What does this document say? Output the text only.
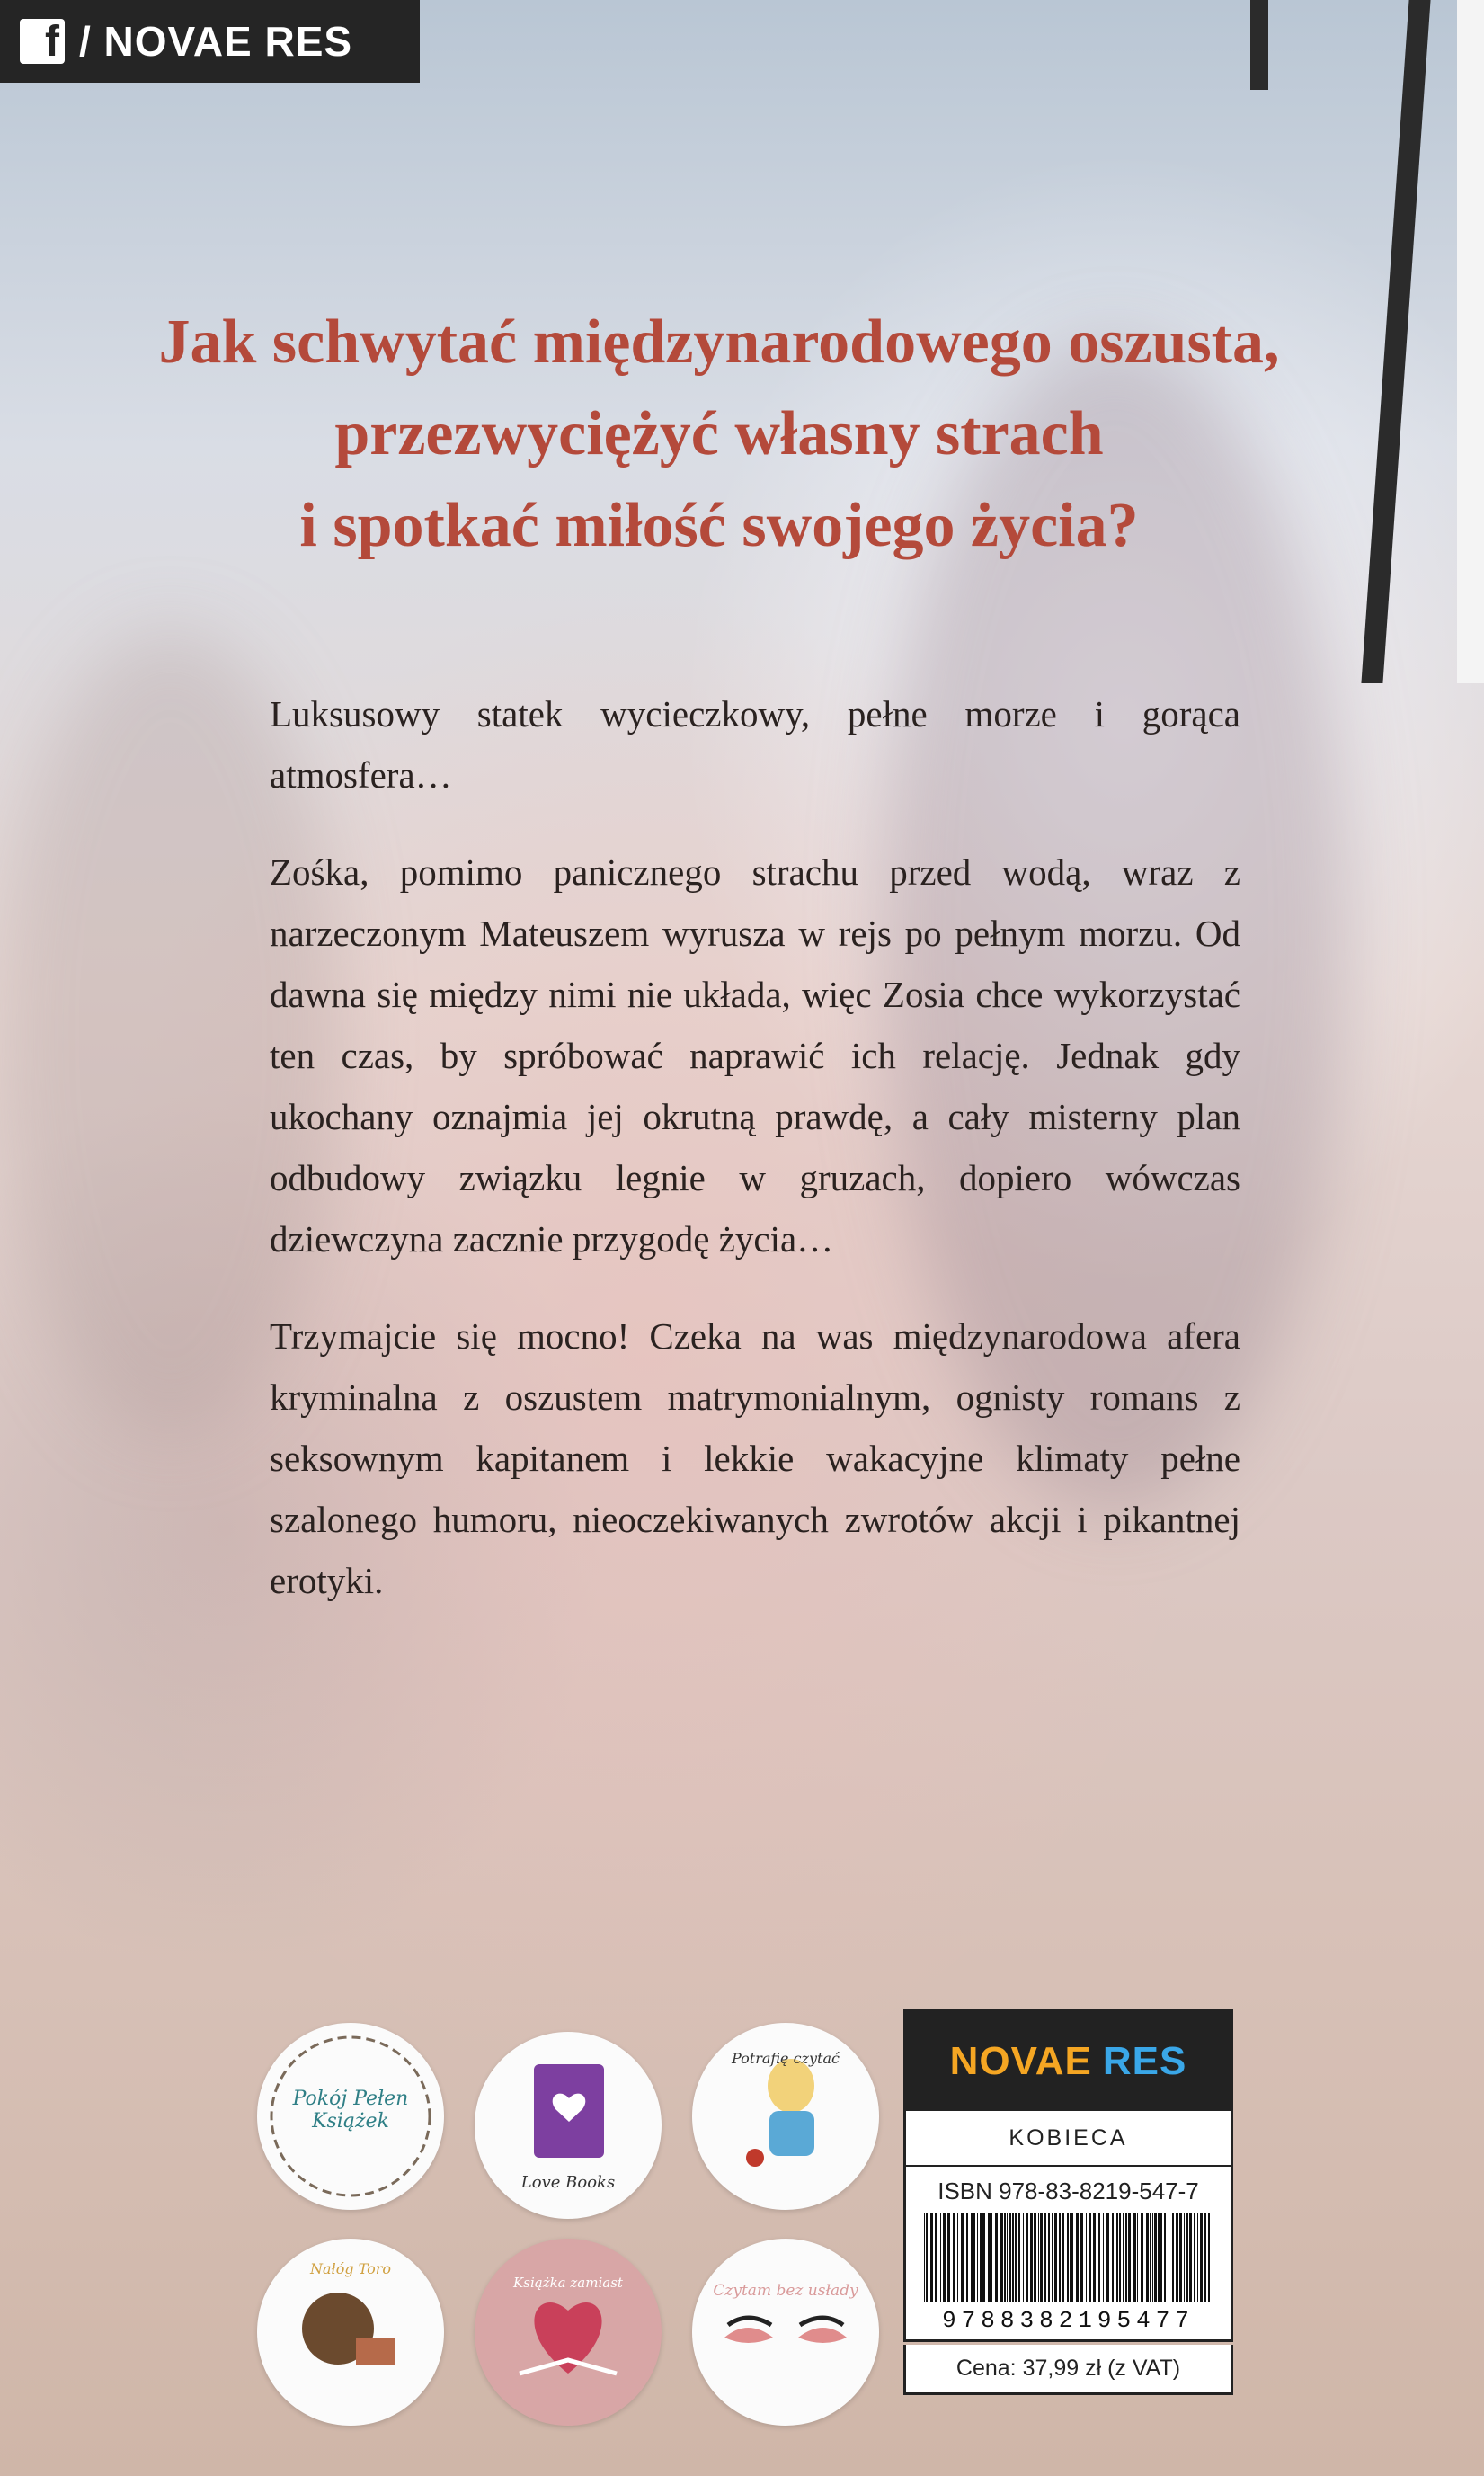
f / NOVAE RES
Jak schwytać międzynarodowego oszusta,
przezwyciężyć własny strach
i spotkać miłość swojego życia?

Luksusowy statek wycieczkowy, pełne morze i gorąca atmosfera…

Zośka, pomimo panicznego strachu przed wodą, wraz z narzeczonym Mateuszem wyrusza w rejs po pełnym morzu. Od dawna się między nimi nie układa, więc Zosia chce wykorzystać ten czas, by spróbować naprawić ich relację. Jednak gdy ukochany oznajmia jej okrutną prawdę, a cały misterny plan odbudowy związku legnie w gruzach, dopiero wówczas dziewczyna zacznie przygodę życia…

Trzymajcie się mocno! Czeka na was międzynarodowa afera kryminalna z oszustem matrymonialnym, ognisty romans z seksownym kapitanem i lekkie wakacyjne klimaty pełne szalonego humoru, nieoczekiwanych zwrotów akcji i pikantnej erotyki.

Pokój Pełen Książek
Love Books
Potrafię czytać
Nałóg Toro
Książka zamiast	Czytam bez usłady
NOVAE RES
KOBIECA
ISBN 978-83-8219-547-7
9788382195477
Cena: 37,99 zł (z VAT)
